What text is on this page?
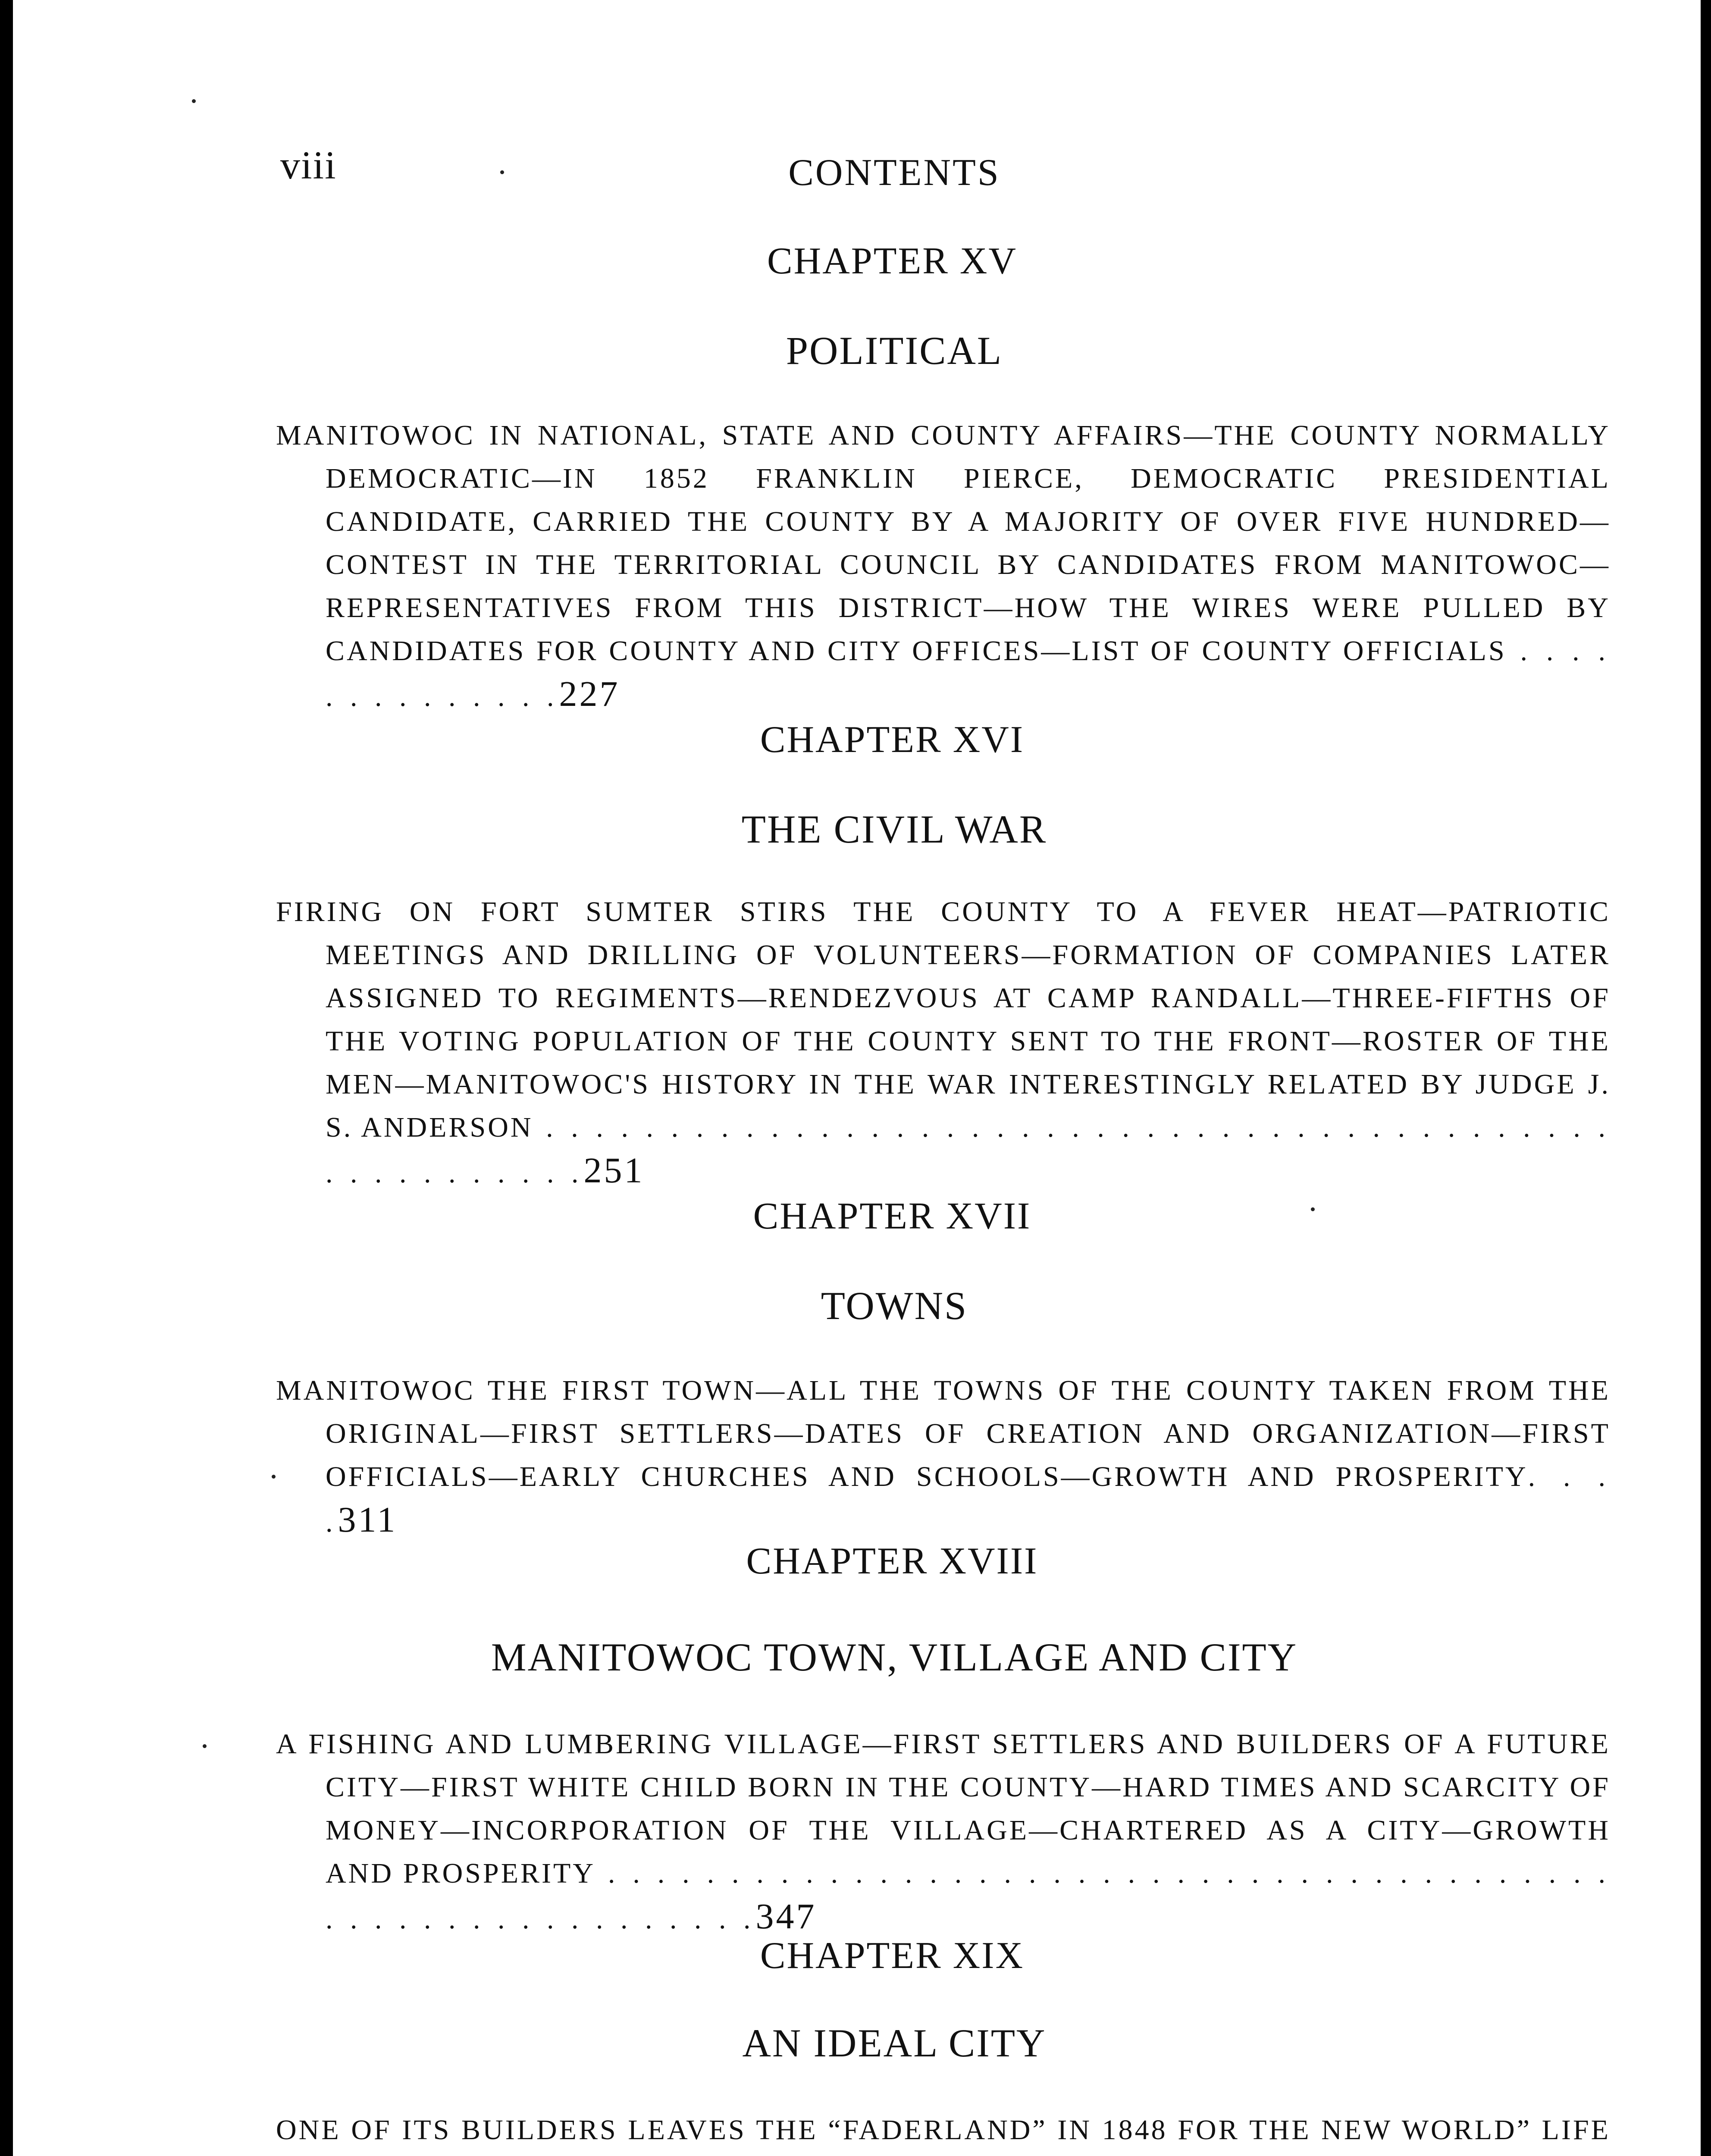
viii	CONTENTS
CHAPTER XV
POLITICAL

MANITOWOC IN NATIONAL, STATE AND COUNTY AFFAIRS—THE COUNTY NORMALLY DEMOCRATIC—IN 1852 FRANKLIN PIERCE, DEMOCRATIC PRESIDENTIAL CANDIDATE, CARRIED THE COUNTY BY A MAJORITY OF OVER FIVE HUNDRED—CONTEST IN THE TERRITORIAL COUNCIL BY CANDIDATES FROM MANITOWOC—REPRESENTATIVES FROM THIS DISTRICT—HOW THE WIRES WERE PULLED BY CANDIDATES FOR COUNTY AND CITY OFFICES—LIST OF COUNTY OFFICIALS . . . . . . . . . . . . . .227

CHAPTER XVI
THE CIVIL WAR

FIRING ON FORT SUMTER STIRS THE COUNTY TO A FEVER HEAT—PATRIOTIC MEETINGS AND DRILLING OF VOLUNTEERS—FORMATION OF COMPANIES LATER ASSIGNED TO REGIMENTS—RENDEZVOUS AT CAMP RANDALL—THREE-FIFTHS OF THE VOTING POPULATION OF THE COUNTY SENT TO THE FRONT—ROSTER OF THE MEN—MANITOWOC'S HISTORY IN THE WAR INTERESTINGLY RELATED BY JUDGE J. S. ANDERSON . . . . . . . . . . . . . . . . . . . . . . . . . . . . . . . . . . . . . . . . . . . . . . . . . . . . . .251

CHAPTER XVII
TOWNS

MANITOWOC THE FIRST TOWN—ALL THE TOWNS OF THE COUNTY TAKEN FROM THE ORIGINAL—FIRST SETTLERS—DATES OF CREATION AND ORGANIZATION—FIRST OFFICIALS—EARLY CHURCHES AND SCHOOLS—GROWTH AND PROSPERITY. . . .311

CHAPTER XVIII
MANITOWOC TOWN, VILLAGE AND CITY

A FISHING AND LUMBERING VILLAGE—FIRST SETTLERS AND BUILDERS OF A FUTURE CITY—FIRST WHITE CHILD BORN IN THE COUNTY—HARD TIMES AND SCARCITY OF MONEY—INCORPORATION OF THE VILLAGE—CHARTERED AS A CITY—GROWTH AND PROSPERITY . . . . . . . . . . . . . . . . . . . . . . . . . . . . . . . . . . . . . . . . . . . . . . . . . . . . . . . . . . .347

CHAPTER XIX
AN IDEAL CITY

ONE OF ITS BUILDERS LEAVES THE “FADERLAND” IN 1848 FOR THE NEW WORLD” LIFE
